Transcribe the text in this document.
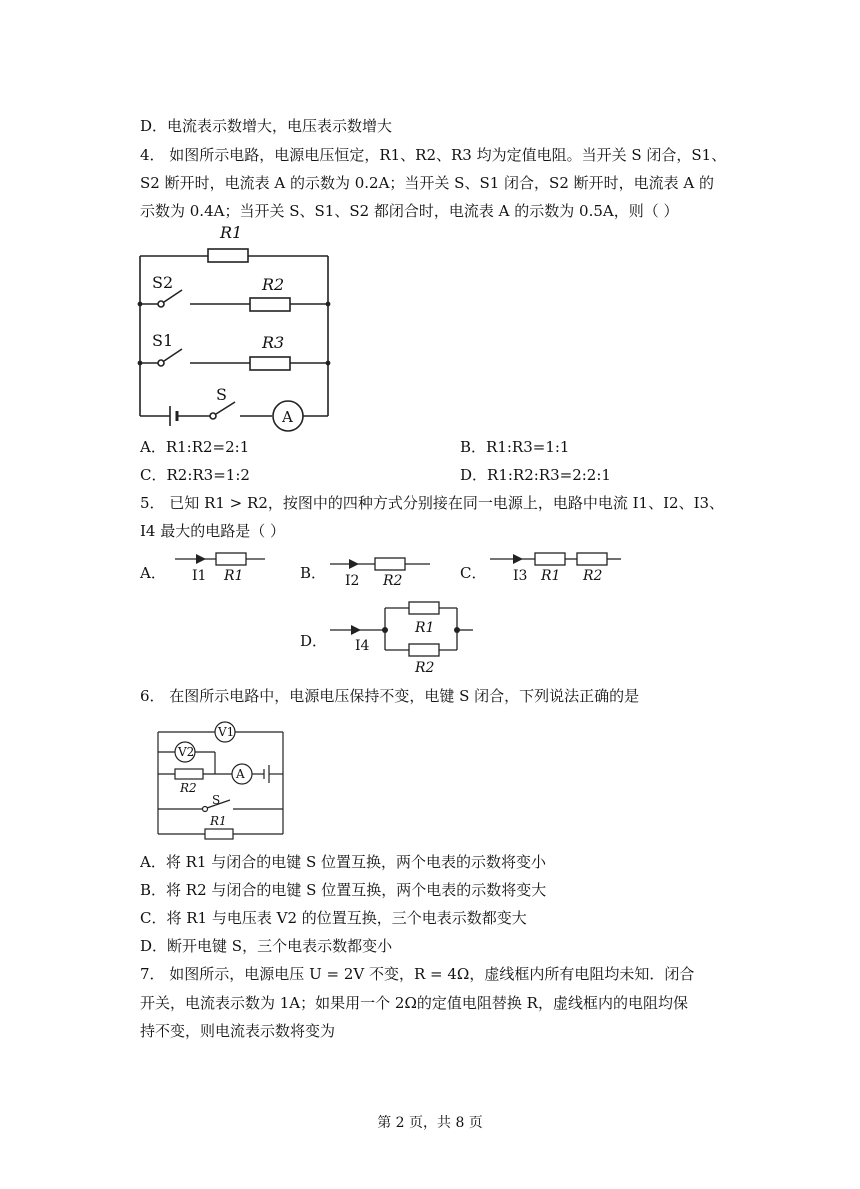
D．电流表示数增大，电压表示数增大
4． 如图所示电路，电源电压恒定，R1、R2、R3 均为定值电阻。当开关 S 闭合，S1、
S2 断开时，电流表 A 的示数为 0.2A；当开关 S、S1 闭合，S2 断开时，电流表 A 的
示数为 0.4A；当开关 S、S1、S2 都闭合时，电流表 A 的示数为 0.5A，则（ ）
R1
R2
R3
S2
S1
S
A
A．R1:R2=2:1	B．R1:R3=1:1
C．R2:R3=1:2	D．R1:R2:R3=2:2:1
5． 已知 R1 > R2，按图中的四种方式分别接在同一电源上，电路中电流 I1、I2、I3、
I4 最大的电路是（ ）
A． I1 R1	B． I2 R2	C． I3 R1 R2
D． I4
R1
R2
6． 在图所示电路中，电源电压保持不变，电键 S 闭合，下列说法正确的是
V1
V2
A
S
R2
R1
A．将 R1 与闭合的电键 S 位置互换，两个电表的示数将变小
B．将 R2 与闭合的电键 S 位置互换，两个电表的示数将变大
C．将 R1 与电压表 V2 的位置互换，三个电表示数都变大
D．断开电键 S，三个电表示数都变小
7． 如图所示，电源电压 U = 2V 不变，R = 4Ω，虚线框内所有电阻均未知．闭合
开关，电流表示数为 1A；如果用一个 2Ω的定值电阻替换 R，虚线框内的电阻均保
持不变，则电流表示数将变为
第 2 页，共 8 页
